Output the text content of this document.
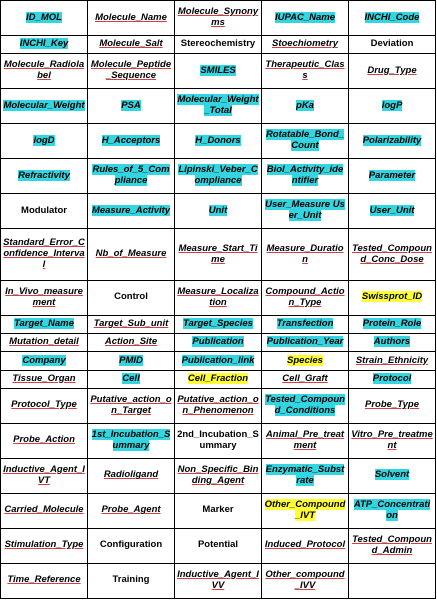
ID_MOL	Molecule_Name	Molecule_Synonyms	IUPAC_Name	INCHI_Code
INCHI_Key	Molecule_Salt	Stereochemistry	Stoechiometry	Deviation
Molecule_Radiolabel	Molecule_Peptide_Sequence	SMILES	Therapeutic_Class	Drug_Type
Molecular_Weight	PSA	Molecular_Weight_Total	pKa	logP
logD	H_Acceptors	H_Donors	Rotatable_Bond_Count	Polarizability
Refractivity	Rules_of_5_Compliance	Lipinski_Veber_Compliance	Biol_Activity_identifier	Parameter
Modulator	Measure_Activity	Unit	User_Measure User_Unit	User_Unit
Standard_Error_Confidence_Interval	Nb_of_Measure	Measure_Start_Time	Measure_Duration	Tested_Compound_Conc_Dose
In_Vivo_measurement	Control	Measure_Localization	Compound_Action_Type	Swissprot_ID
Target_Name	Target_Sub_unit	Target_Species	Transfection	Protein_Role
Mutation_detail	Action_Site	Publication	Publication_Year	Authors
Company	PMID	Publication_link	Species	Strain_Ethnicity
Tissue_Organ	Cell	Cell_Fraction	Cell_Graft	Protocol
Protocol_Type	Putative_action_on_Target	Putative_action_on_Phenomenon	Tested_Compound_Conditions	Probe_Type
Probe_Action	1st_Incubation_Summary	2nd_Incubation_Summary	Animal_Pre_treatment	Vitro_Pre_treatment
Inductive_Agent_IVT	Radioligand	Non_Specific_Binding_Agent	Enzymatic_Substrate	Solvent
Carried_Molecule	Probe_Agent	Marker	Other_Compound_IVT	ATP_Concentration
Stimulation_Type	Configuration	Potential	Induced_Protocol	Tested_Compound_Admin
Time_Reference	Training	Inductive_Agent_IVV	Other_compound_IVV	
